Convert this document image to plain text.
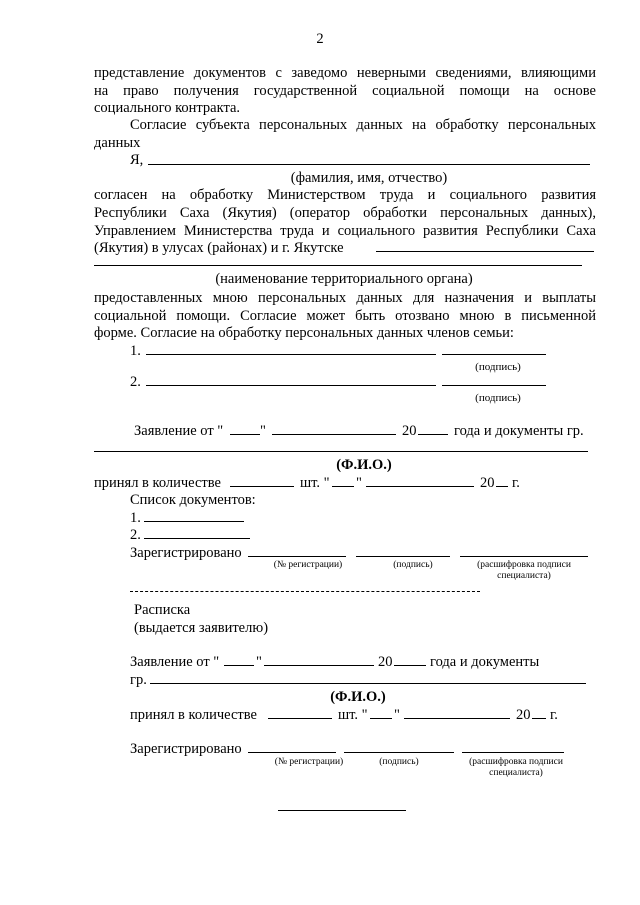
2
представление документов с заведомо неверными сведениями, влияющими
на право получения государственной социальной помощи на основе
социального контракта.
Согласие субъекта персональных данных на обработку персональных
данных
Я,
(фамилия, имя, отчество)
согласен на обработку Министерством труда и социального развития
Республики Саха (Якутия) (оператор обработки персональных данных),
Управлением Министерства труда и социального развития Республики Саха
(Якутия) в улусах (районах) и г. Якутске
(наименование территориального органа)
предоставленных мною персональных данных для назначения и выплаты
социальной помощи. Согласие может быть отозвано мною в письменной
форме. Согласие на обработку персональных данных членов семьи:
1.
(подпись)
2.
(подпись)
Заявление от "	"	20	года и документы гр.
(Ф.И.О.)
принял в количестве	шт. " "	20 г.
Список документов:
1.
2.
Зарегистрировано
(№ регистрации)	(подпись)	(расшифровка подписи
специалиста)
Расписка
(выдается заявителю)
Заявление от "	"	20	года и документы
гр.
(Ф.И.О.)
принял в количестве	шт. " "	20 г.
Зарегистрировано
(№ регистрации)	(подпись)	(расшифровка подписи
специалиста)
